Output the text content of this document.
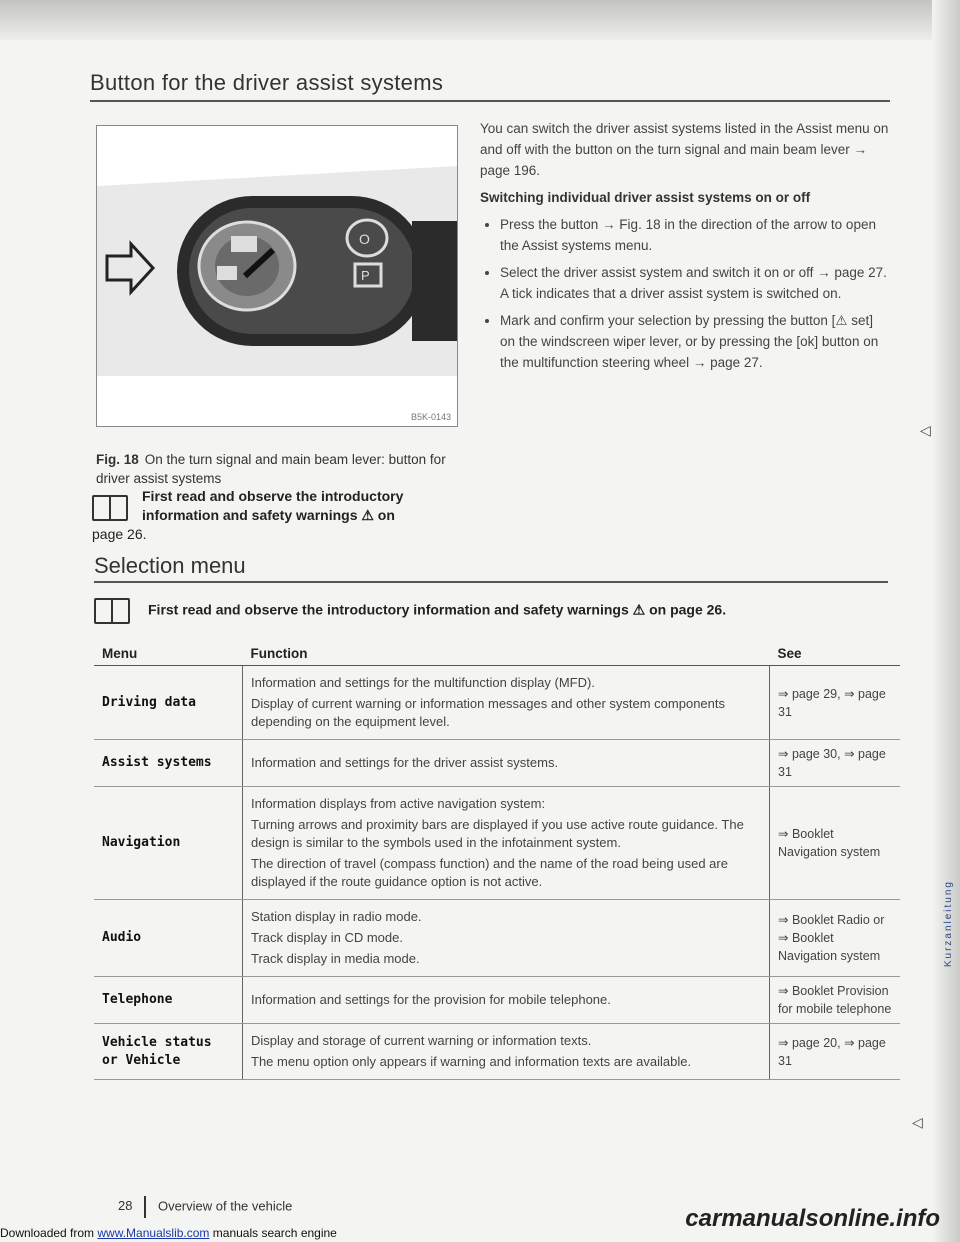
Button for the driver assist systems
O
P
B5K-0143
Fig. 18 On the turn signal and main beam lever: button for driver assist systems
First read and observe the introductory information and safety warnings ⚠ on
page 26.

You can switch the driver assist systems listed in the Assist menu on and off with the button on the turn signal and main beam lever → page 196.

Switching individual driver assist systems on or off
• Press the button → Fig. 18 in the direction of the arrow to open the Assist systems menu.
• Select the driver assist system and switch it on or off → page 27. A tick indicates that a driver assist system is switched on.
• Mark and confirm your selection by pressing the button [⚠ set] on the windscreen wiper lever, or by pressing the [ok] button on the multifunction steering wheel → page 27.
◁
Selection menu
First read and observe the introductory information and safety warnings ⚠ on page 26.
Menu	Function	See
Driving data	Information and settings for the multifunction display (MFD).
Display of current warning or information messages and other system components depending on the equipment level.	⇒ page 29, ⇒ page 31
Assist systems	Information and settings for the driver assist systems.	⇒ page 30, ⇒ page 31
Navigation	Information displays from active navigation system:
Turning arrows and proximity bars are displayed if you use active route guidance. The design is similar to the symbols used in the infotainment system.
The direction of travel (compass function) and the name of the road being used are displayed if the route guidance option is not active.	⇒ Booklet Navigation system
Audio	Station display in radio mode.
Track display in CD mode.
Track display in media mode.	⇒ Booklet Radio or ⇒ Booklet Navigation system
Telephone	Information and settings for the provision for mobile telephone.	⇒ Booklet Provision for mobile telephone
Vehicle status or Vehicle	Display and storage of current warning or information texts.
The menu option only appears if warning and information texts are available.	⇒ page 20, ⇒ page 31
◁
28 Overview of the vehicle
Kurzanleitung
Downloaded from www.Manualslib.com manuals search engine
carmanualsonline.info
